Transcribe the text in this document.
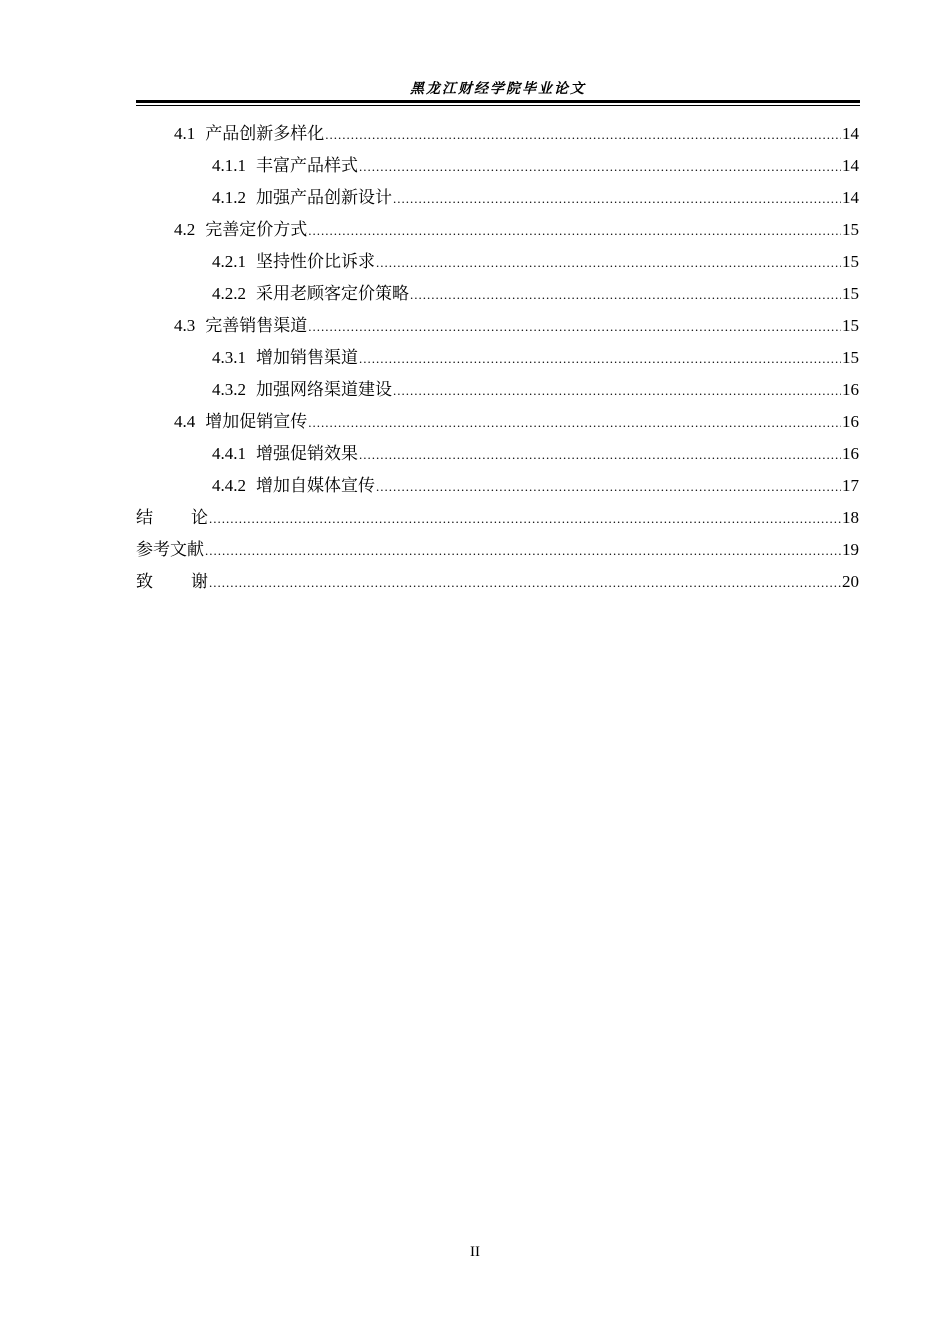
黑龙江财经学院毕业论文
4.1 产品创新多样化 .....	14
4.1.1 丰富产品样式 .....	14
4.1.2 加强产品创新设计 .....	14
4.2 完善定价方式 .....	15
4.2.1 坚持性价比诉求 .....	15
4.2.2 采用老顾客定价策略 .....	15
4.3 完善销售渠道 .....	15
4.3.1 增加销售渠道 .....	15
4.3.2 加强网络渠道建设 .....	16
4.4 增加促销宣传 .....	16
4.4.1 增强促销效果 .....	16
4.4.2 增加自媒体宣传 .....	17
结论 .....	18
参考文献 .....	19
致谢 .....	20
II
